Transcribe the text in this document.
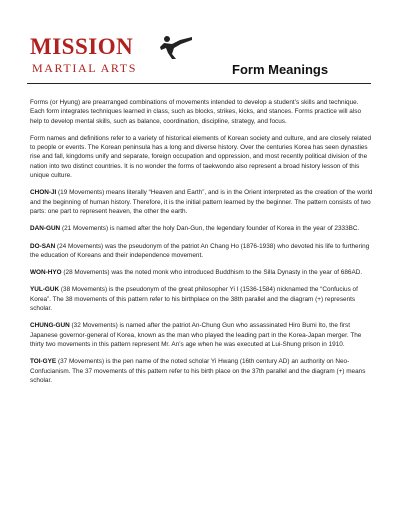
MISSION
MARTIAL ARTS	Form Meanings

Forms (or Hyung) are prearranged combinations of movements intended to develop a student’s skills and technique. Each form integrates techniques learned in class, such as blocks, strikes, kicks, and stances. Forms practice will also help to develop mental skills, such as balance, coordination, discipline, strategy, and focus.

Form names and definitions refer to a variety of historical elements of Korean society and culture, and are closely related to people or events. The Korean peninsula has a long and diverse history. Over the centuries Korea has seen dynasties rise and fall, kingdoms unify and separate, foreign occupation and oppression, and most recently political division of the nation into two distinct countries. It is no wonder the forms of taekwondo also represent a broad history lesson of this unique culture.

CHON-JI (19 Movements) means literally “Heaven and Earth”, and is in the Orient interpreted as the creation of the world and the beginning of human history. Therefore, it is the initial pattern learned by the beginner. The pattern consists of two parts: one part to represent heaven, the other the earth.

DAN-GUN (21 Movements) is named after the holy Dan-Gun, the legendary founder of Korea in the year of 2333BC.

DO-SAN (24 Movements) was the pseudonym of the patriot An Chang Ho (1876-1938) who devoted his life to furthering the education of Koreans and their independence movement.

WON-HYO (28 Movements) was the noted monk who introduced Buddhism to the Silla Dynasty in the year of 686AD.

YUL-GUK (38 Movements) is the pseudonym of the great philosopher Yi I (1536-1584) nicknamed the “Confucius of Korea”. The 38 movements of this pattern refer to his birthplace on the 38th parallel and the diagram (+) represents scholar.

CHUNG-GUN (32 Movements) is named after the patriot An-Chung Gun who assassinated Hiro Bumi Ito, the first Japanese governor-general of Korea, known as the man who played the leading part in the Korea-Japan merger. The thirty two movements in this pattern represent Mr. An’s age when he was executed at Lui-Shung prison in 1910.

TOI-GYE (37 Movements) is the pen name of the noted scholar Yi Hwang (16th century AD) an authority on Neo-Confucianism. The 37 movements of this pattern refer to his birth place on the 37th parallel and the diagram (+) means scholar.
